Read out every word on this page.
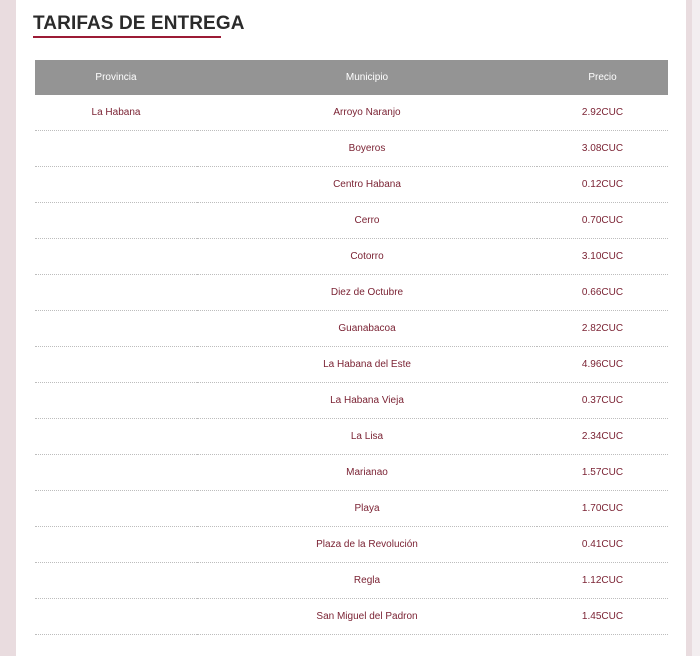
TARIFAS DE ENTREGA
Provincia	Municipio	Precio
La Habana	Arroyo Naranjo	2.92CUC
	Boyeros	3.08CUC
	Centro Habana	0.12CUC
	Cerro	0.70CUC
	Cotorro	3.10CUC
	Diez de Octubre	0.66CUC
	Guanabacoa	2.82CUC
	La Habana del Este	4.96CUC
	La Habana Vieja	0.37CUC
	La Lisa	2.34CUC
	Marianao	1.57CUC
	Playa	1.70CUC
	Plaza de la Revolución	0.41CUC
	Regla	1.12CUC
	San Miguel del Padron	1.45CUC
